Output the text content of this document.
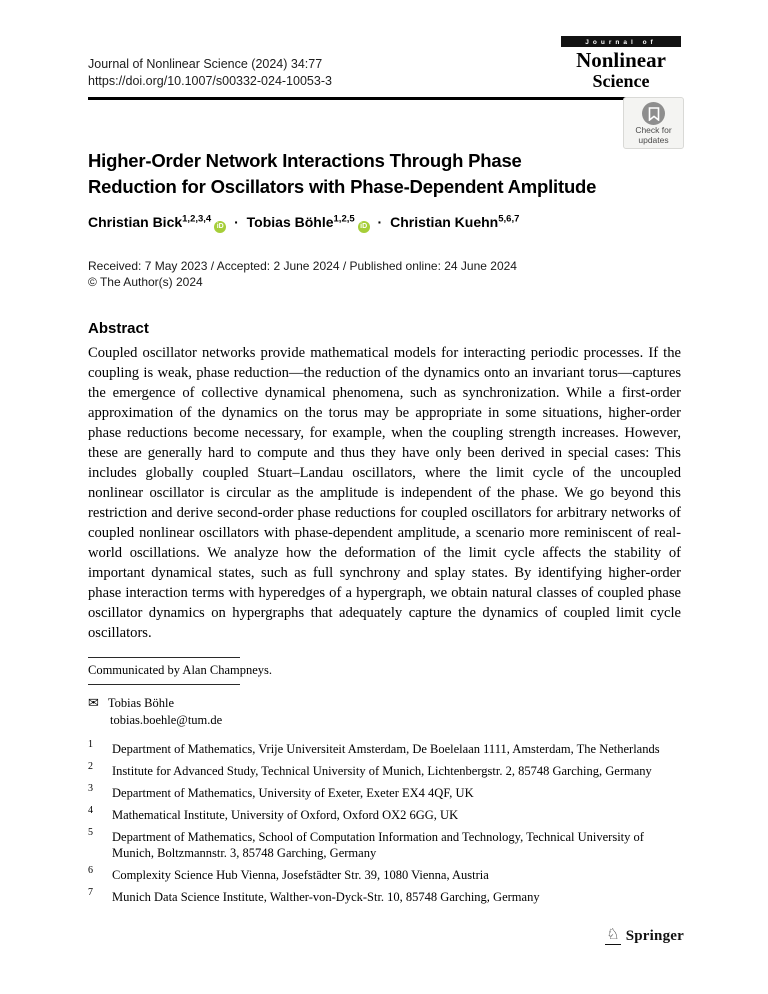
Journal of Nonlinear Science (2024) 34:77
https://doi.org/10.1007/s00332-024-10053-3
Journal of
Nonlinear
Science
Check for
updates
Higher-Order Network Interactions Through Phase
Reduction for Oscillators with Phase-Dependent Amplitude
Christian Bick$^{1,2,3,4}$iD · Tobias Böhle$^{1,2,5}$iD · Christian Kuehn$^{5,6,7}$
Received: 7 May 2023 / Accepted: 2 June 2024 / Published online: 24 June 2024
© The Author(s) 2024
Abstract

Coupled oscillator networks provide mathematical models for interacting periodic processes. If the coupling is weak, phase reduction—the reduction of the dynamics onto an invariant torus—captures the emergence of collective dynamical phenomena, such as synchronization. While a first-order approximation of the dynamics on the torus may be appropriate in some situations, higher-order phase reductions become necessary, for example, when the coupling strength increases. However, these are generally hard to compute and thus they have only been derived in special cases: This includes globally coupled Stuart–Landau oscillators, where the limit cycle of the uncoupled nonlinear oscillator is circular as the amplitude is independent of the phase. We go beyond this restriction and derive second-order phase reductions for coupled oscillators for arbitrary networks of coupled nonlinear oscillators with phase-dependent amplitude, a scenario more reminiscent of real-world oscillations. We analyze how the deformation of the limit cycle affects the stability of important dynamical states, such as full synchrony and splay states. By identifying higher-order phase interaction terms with hyperedges of a hypergraph, we obtain natural classes of coupled phase oscillator dynamics on hypergraphs that adequately capture the dynamics of coupled limit cycle oscillators.

Communicated by Alan Champneys.
✉ Tobias Böhle
tobias.boehle@tum.de
1	Department of Mathematics, Vrije Universiteit Amsterdam, De Boelelaan 1111, Amsterdam, The Netherlands
2	Institute for Advanced Study, Technical University of Munich, Lichtenbergstr. 2, 85748 Garching, Germany
3	Department of Mathematics, University of Exeter, Exeter EX4 4QF, UK
4	Mathematical Institute, University of Oxford, Oxford OX2 6GG, UK
5	Department of Mathematics, School of Computation Information and Technology, Technical University of Munich, Boltzmannstr. 3, 85748 Garching, Germany
6	Complexity Science Hub Vienna, Josefstädter Str. 39, 1080 Vienna, Austria
7	Munich Data Science Institute, Walther-von-Dyck-Str. 10, 85748 Garching, Germany
♘ Springer
